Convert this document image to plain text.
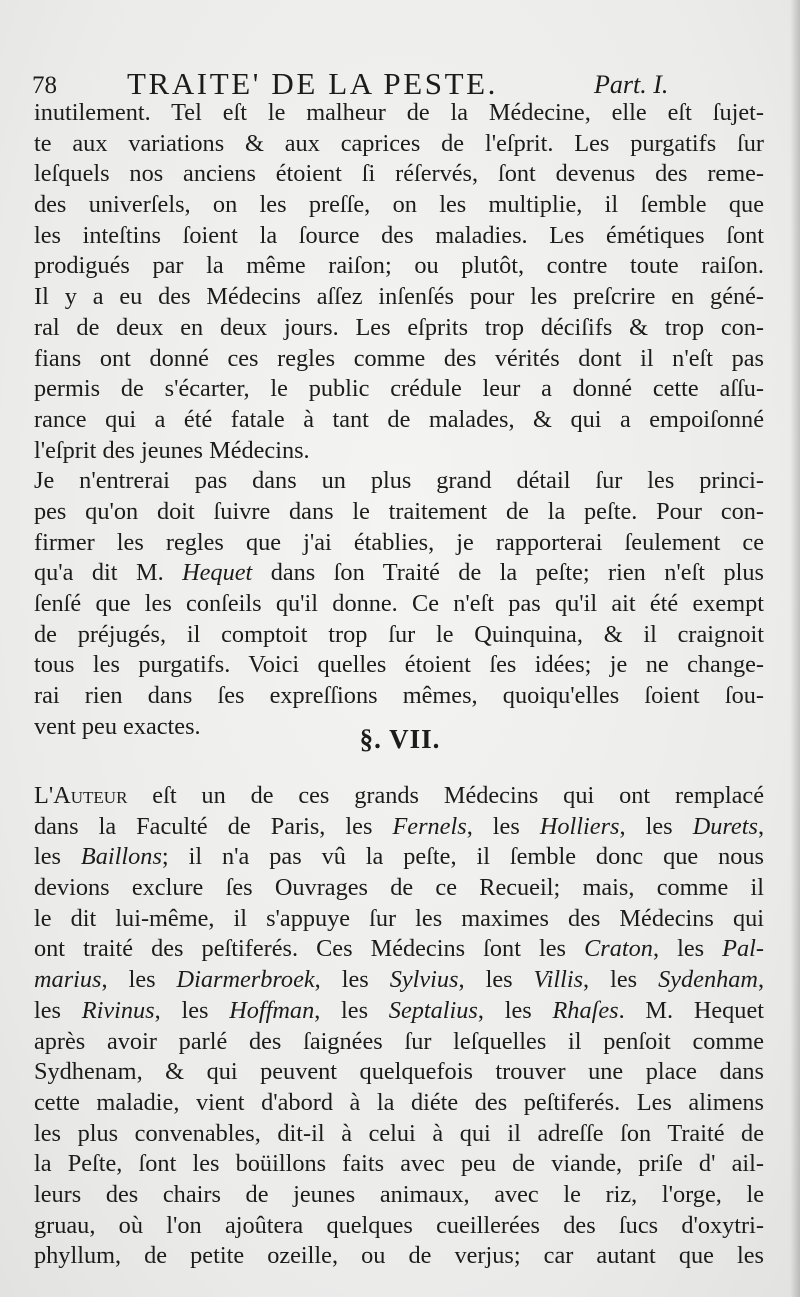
78 TRAITE' DE LA PESTE.	Part. I.
inutilement. Tel eſt le malheur de la Médecine, elle eſt ſujet-
te aux variations & aux caprices de l'eſprit. Les purgatifs ſur
leſquels nos anciens étoient ſi réſervés, ſont devenus des reme-
des univerſels, on les preſſe, on les multiplie, il ſemble que
les inteſtins ſoient la ſource des maladies. Les émétiques ſont
prodigués par la même raiſon; ou plutôt, contre toute raiſon.
Il y a eu des Médecins aſſez inſenſés pour les preſcrire en géné-
ral de deux en deux jours. Les eſprits trop déciſifs & trop con-
fians ont donné ces regles comme des vérités dont il n'eſt pas
permis de s'écarter, le public crédule leur a donné cette aſſu-
rance qui a été fatale à tant de malades, & qui a empoiſonné
l'eſprit des jeunes Médecins.
Je n'entrerai pas dans un plus grand détail ſur les princi-
pes qu'on doit ſuivre dans le traitement de la peſte. Pour con-
firmer les regles que j'ai établies, je rapporterai ſeulement ce
qu'a dit M. Hequet dans ſon Traité de la peſte; rien n'eſt plus
ſenſé que les conſeils qu'il donne. Ce n'eſt pas qu'il ait été exempt
de préjugés, il comptoit trop ſur le Quinquina, & il craignoit
tous les purgatifs. Voici quelles étoient ſes idées; je ne change-
rai rien dans ſes expreſſions mêmes, quoiqu'elles ſoient ſou-
vent peu exactes.	§. VII.
L'Auteur eſt un de ces grands Médecins qui ont remplacé
dans la Faculté de Paris, les Fernels, les Holliers, les Durets,
les Baillons; il n'a pas vû la peſte, il ſemble donc que nous
devions exclure ſes Ouvrages de ce Recueil; mais, comme il
le dit lui-même, il s'appuye ſur les maximes des Médecins qui
ont traité des peſtiferés. Ces Médecins ſont les Craton, les Pal-
marius, les Diarmerbroek, les Sylvius, les Villis, les Sydenham,
les Rivinus, les Hoffman, les Septalius, les Rhaſes. M. Hequet
après avoir parlé des ſaignées ſur leſquelles il penſoit comme
Sydhenam, & qui peuvent quelquefois trouver une place dans
cette maladie, vient d'abord à la diéte des peſtiferés. Les alimens
les plus convenables, dit-il à celui à qui il adreſſe ſon Traité de
la Peſte, ſont les boüillons faits avec peu de viande, priſe d' ail-
leurs des chairs de jeunes animaux, avec le riz, l'orge, le
gruau, où l'on ajoûtera quelques cueillerées des ſucs d'oxytri-
phyllum, de petite ozeille, ou de verjus; car autant que les
